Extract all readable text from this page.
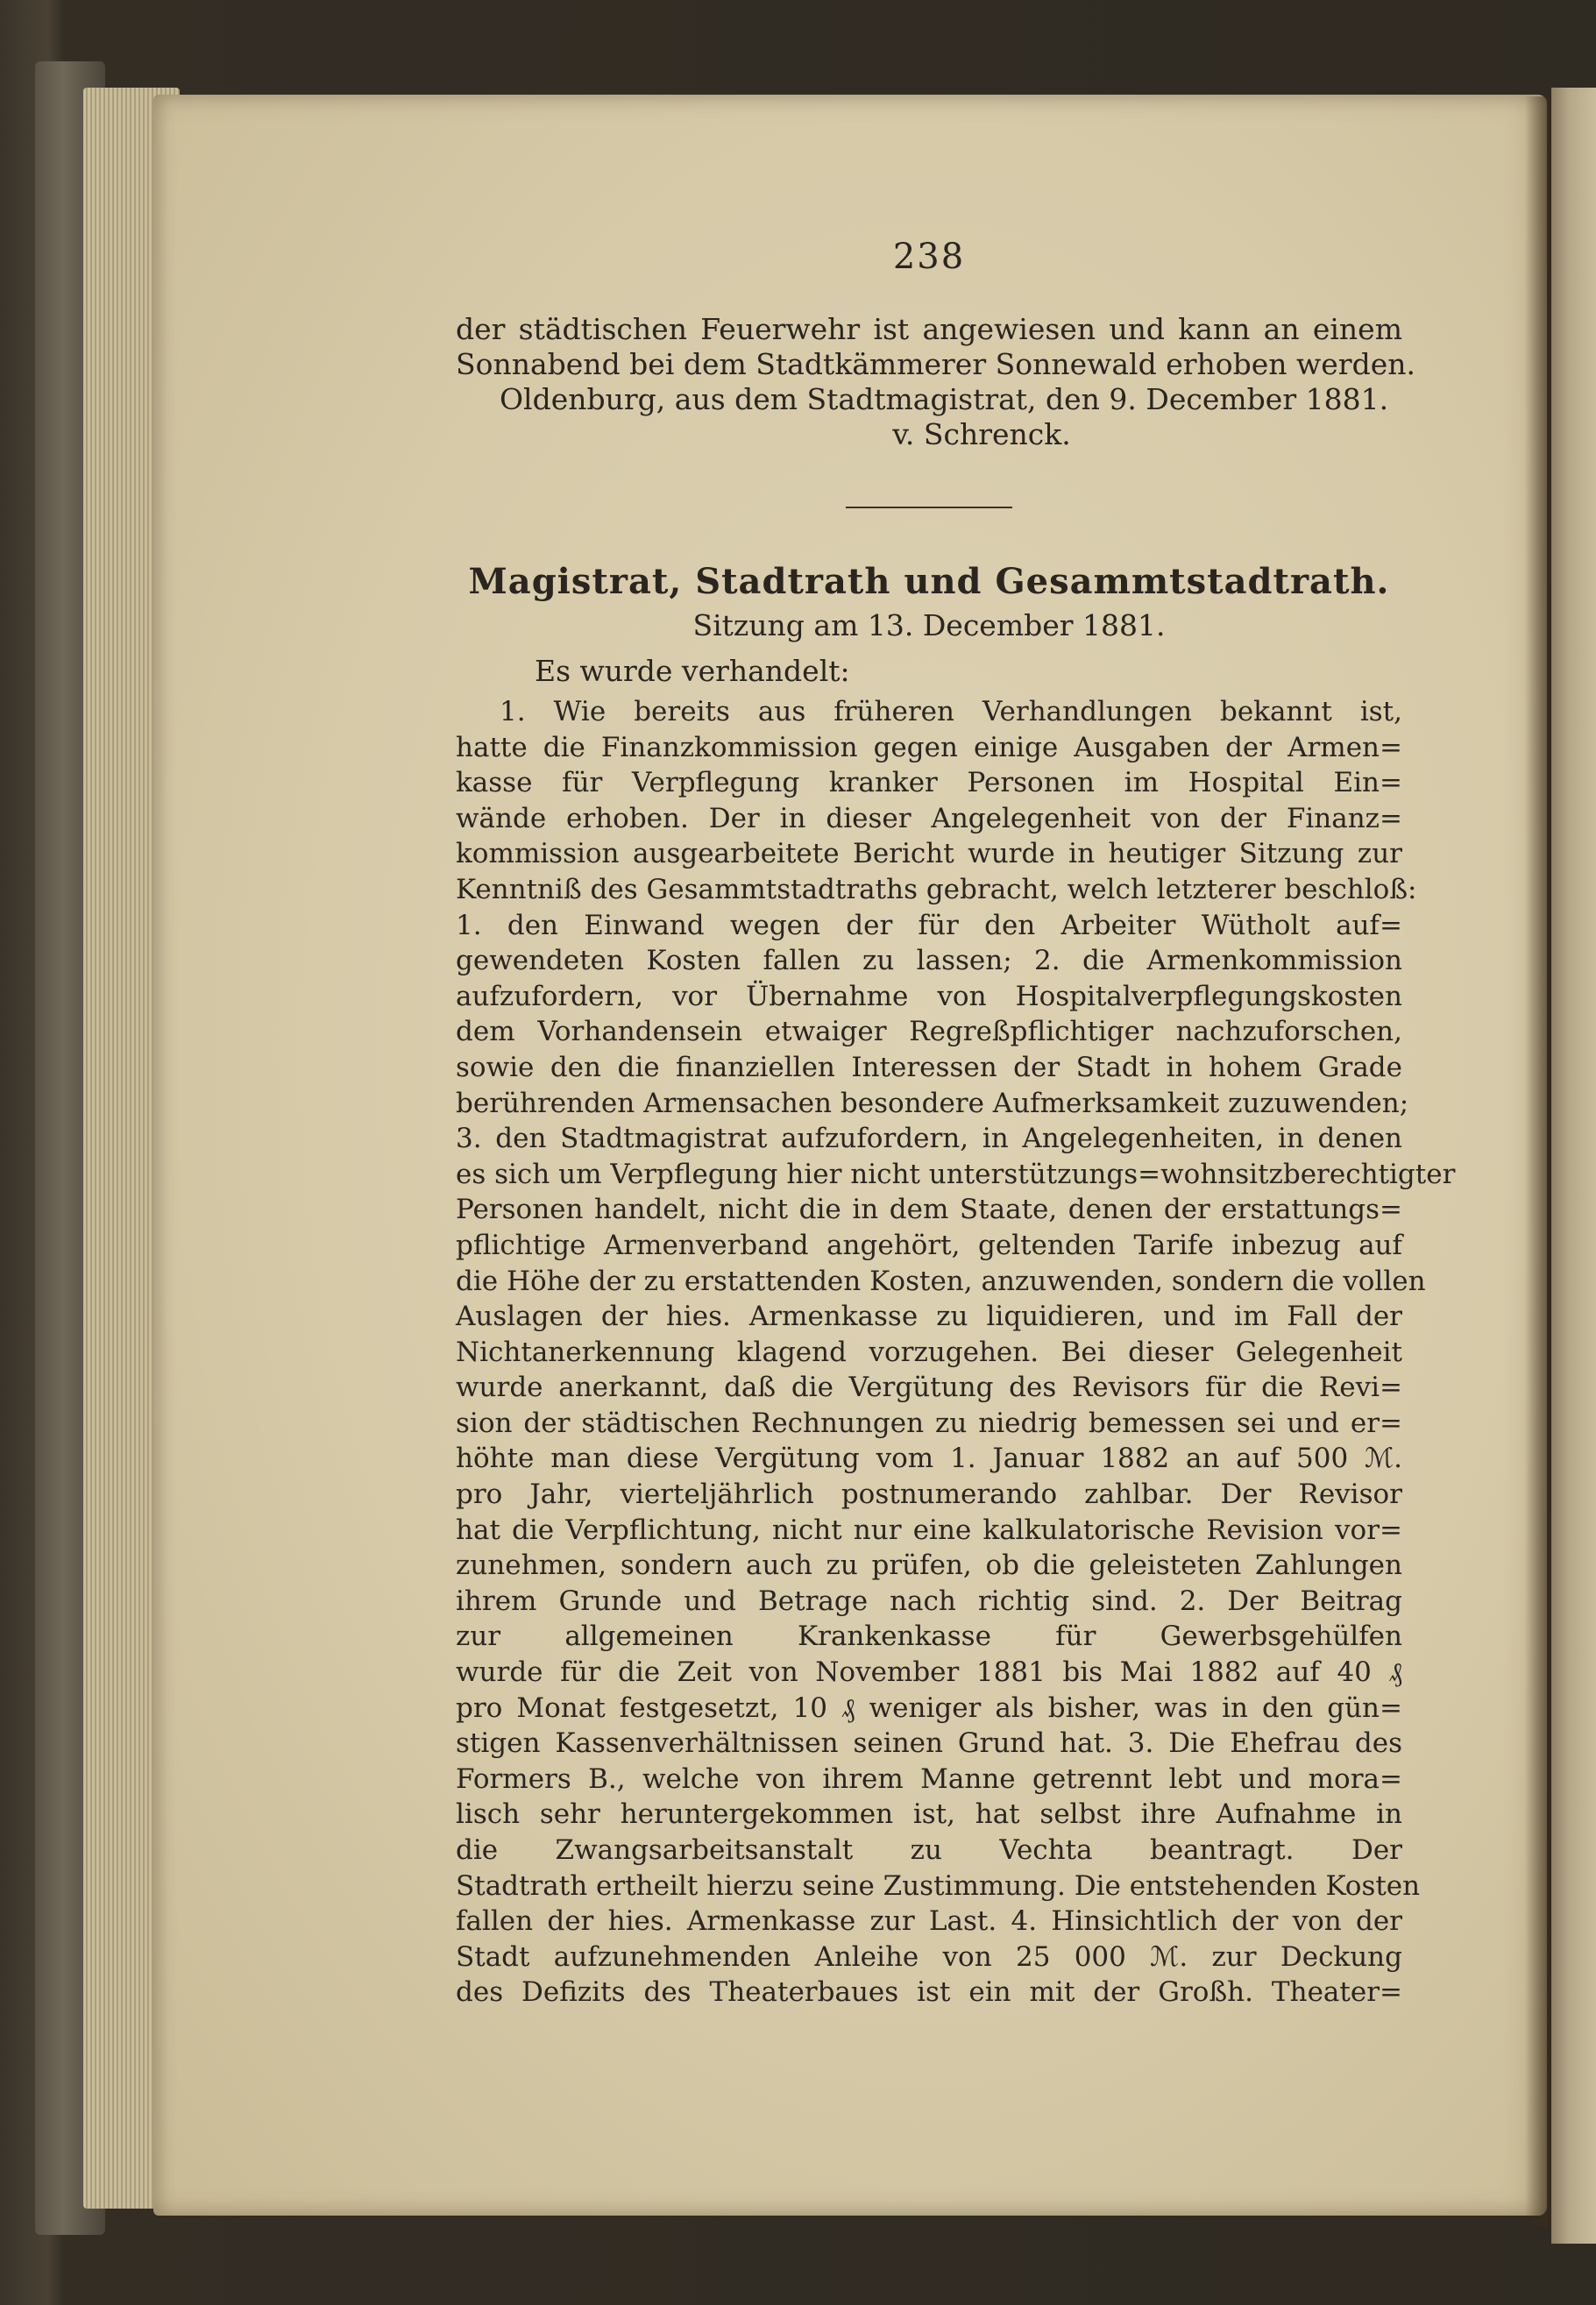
238
der städtischen Feuerwehr ist angewiesen und kann an einem
Sonnabend bei dem Stadtkämmerer Sonnewald erhoben werden.
Oldenburg, aus dem Stadtmagistrat, den 9. December 1881.
v. Schrenck.
Magistrat, Stadtrath und Gesammtstadtrath.
Sitzung am 13. December 1881.
Es wurde verhandelt:
1. Wie bereits aus früheren Verhandlungen bekannt ist,
hatte die Finanzkommission gegen einige Ausgaben der Armen=
kasse für Verpflegung kranker Personen im Hospital Ein=
wände erhoben. Der in dieser Angelegenheit von der Finanz=
kommission ausgearbeitete Bericht wurde in heutiger Sitzung zur
Kenntniß des Gesammtstadtraths gebracht, welch letzterer beschloß:
1. den Einwand wegen der für den Arbeiter Wütholt auf=
gewendeten Kosten fallen zu lassen; 2. die Armenkommission
aufzufordern, vor Übernahme von Hospitalverpflegungskosten
dem Vorhandensein etwaiger Regreßpflichtiger nachzuforschen,
sowie den die finanziellen Interessen der Stadt in hohem Grade
berührenden Armensachen besondere Aufmerksamkeit zuzuwenden;
3. den Stadtmagistrat aufzufordern, in Angelegenheiten, in denen
es sich um Verpflegung hier nicht unterstützungs=wohnsitzberechtigter
Personen handelt, nicht die in dem Staate, denen der erstattungs=
pflichtige Armenverband angehört, geltenden Tarife inbezug auf
die Höhe der zu erstattenden Kosten, anzuwenden, sondern die vollen
Auslagen der hies. Armenkasse zu liquidieren, und im Fall der
Nichtanerkennung klagend vorzugehen. Bei dieser Gelegenheit
wurde anerkannt, daß die Vergütung des Revisors für die Revi=
sion der städtischen Rechnungen zu niedrig bemessen sei und er=
höhte man diese Vergütung vom 1. Januar 1882 an auf 500 ℳ.
pro Jahr, vierteljährlich postnumerando zahlbar. Der Revisor
hat die Verpflichtung, nicht nur eine kalkulatorische Revision vor=
zunehmen, sondern auch zu prüfen, ob die geleisteten Zahlungen
ihrem Grunde und Betrage nach richtig sind. 2. Der Beitrag
zur allgemeinen Krankenkasse für Gewerbsgehülfen
wurde für die Zeit von November 1881 bis Mai 1882 auf 40 ₰
pro Monat festgesetzt, 10 ₰ weniger als bisher, was in den gün=
stigen Kassenverhältnissen seinen Grund hat. 3. Die Ehefrau des
Formers B., welche von ihrem Manne getrennt lebt und mora=
lisch sehr heruntergekommen ist, hat selbst ihre Aufnahme in
die Zwangsarbeitsanstalt zu Vechta beantragt. Der
Stadtrath ertheilt hierzu seine Zustimmung. Die entstehenden Kosten
fallen der hies. Armenkasse zur Last. 4. Hinsichtlich der von der
Stadt aufzunehmenden Anleihe von 25 000 ℳ. zur Deckung
des Defizits des Theaterbaues ist ein mit der Großh. Theater=
